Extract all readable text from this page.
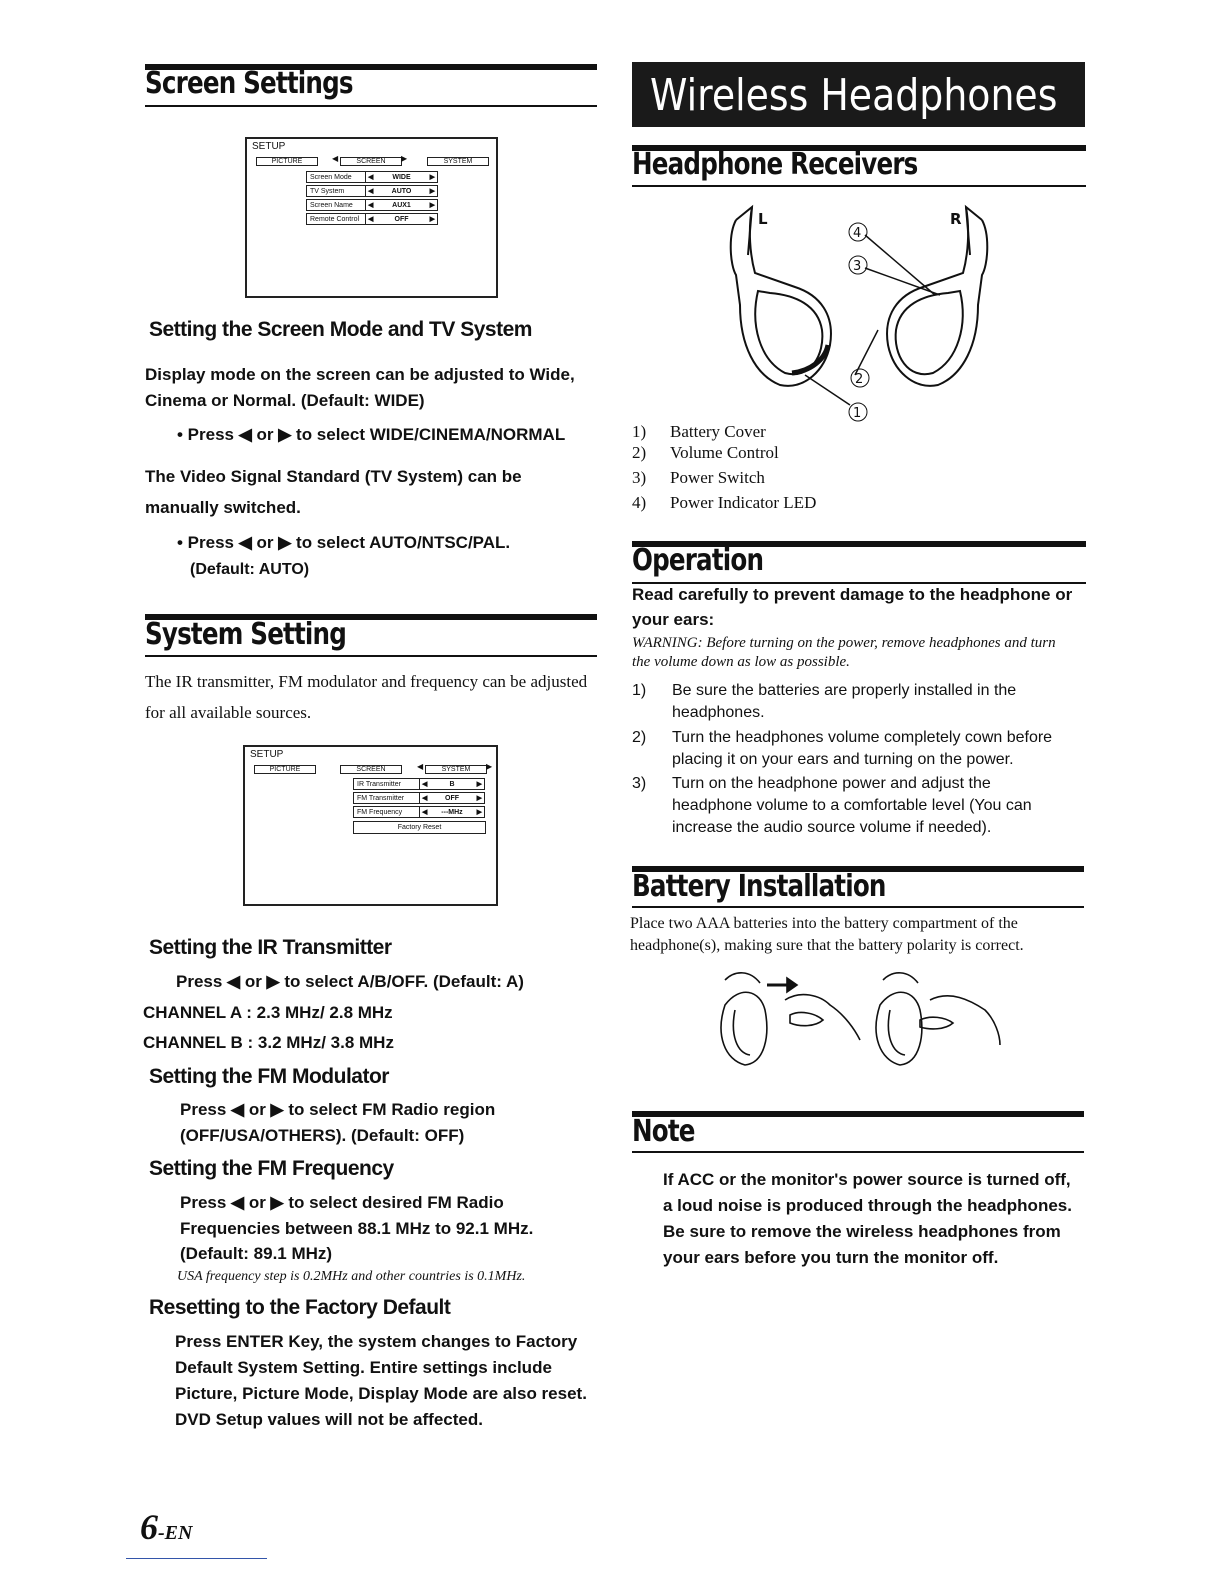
Screen Settings
SETUP
PICTURE	◀	SCREEN	▶	SYSTEM
Screen Mode	◀	WIDE	▶
TV System	◀	AUTO	▶
Screen Name	◀	AUX1	▶
Remote Control	◀	OFF	▶
Setting the Screen Mode and TV System
Display mode on the screen can be adjusted to Wide, Cinema or Normal. (Default: WIDE)
• Press ◀ or ▶ to select WIDE/CINEMA/NORMAL
The Video Signal Standard (TV System) can be
manually switched.
• Press ◀ or ▶ to select AUTO/NTSC/PAL.
(Default: AUTO)
System Setting
The IR transmitter, FM modulator and frequency can be adjusted
for all available sources.
SETUP
PICTURE	SCREEN	◀	SYSTEM	▶
IR Transmitter	◀	B	▶
FM Transmitter	◀	OFF	▶
FM Frequency	◀ ---MHz ▶
Factory Reset
Setting the IR Transmitter
Press ◀ or ▶ to select A/B/OFF. (Default: A)
CHANNEL A : 2.3 MHz/ 2.8 MHz
CHANNEL B : 3.2 MHz/ 3.8 MHz
Setting the FM Modulator
Press ◀ or ▶ to select FM Radio region
(OFF/USA/OTHERS). (Default: OFF)
Setting the FM Frequency
Press ◀ or ▶ to select desired FM Radio
Frequencies between 88.1 MHz to 92.1 MHz.
(Default: 89.1 MHz)
USA frequency step is 0.2MHz and other countries is 0.1MHz.
Resetting to the Factory Default
Press ENTER Key, the system changes to Factory
Default System Setting. Entire settings include
Picture, Picture Mode, Display Mode are also reset.
DVD Setup values will not be affected.
6-EN
Wireless Headphones
Headphone Receivers
L	R
4
3
2
1
1) Battery Cover
2) Volume Control
3) Power Switch
4) Power Indicator LED
Operation
Read carefully to prevent damage to the headphone or
your ears:
WARNING: Before turning on the power, remove headphones and turn
the volume down as low as possible.
1) Be sure the batteries are properly installed in the
headphones.
2) Turn the headphones volume completely cown before
placing it on your ears and turning on the power.
3) Turn on the headphone power and adjust the
headphone volume to a comfortable level (You can
increase the audio source volume if needed).
Battery Installation
Place two AAA batteries into the battery compartment of the
headphone(s), making sure that the battery polarity is correct.
Note
If ACC or the monitor's power source is turned off,
a loud noise is produced through the headphones.
Be sure to remove the wireless headphones from
your ears before you turn the monitor off.
